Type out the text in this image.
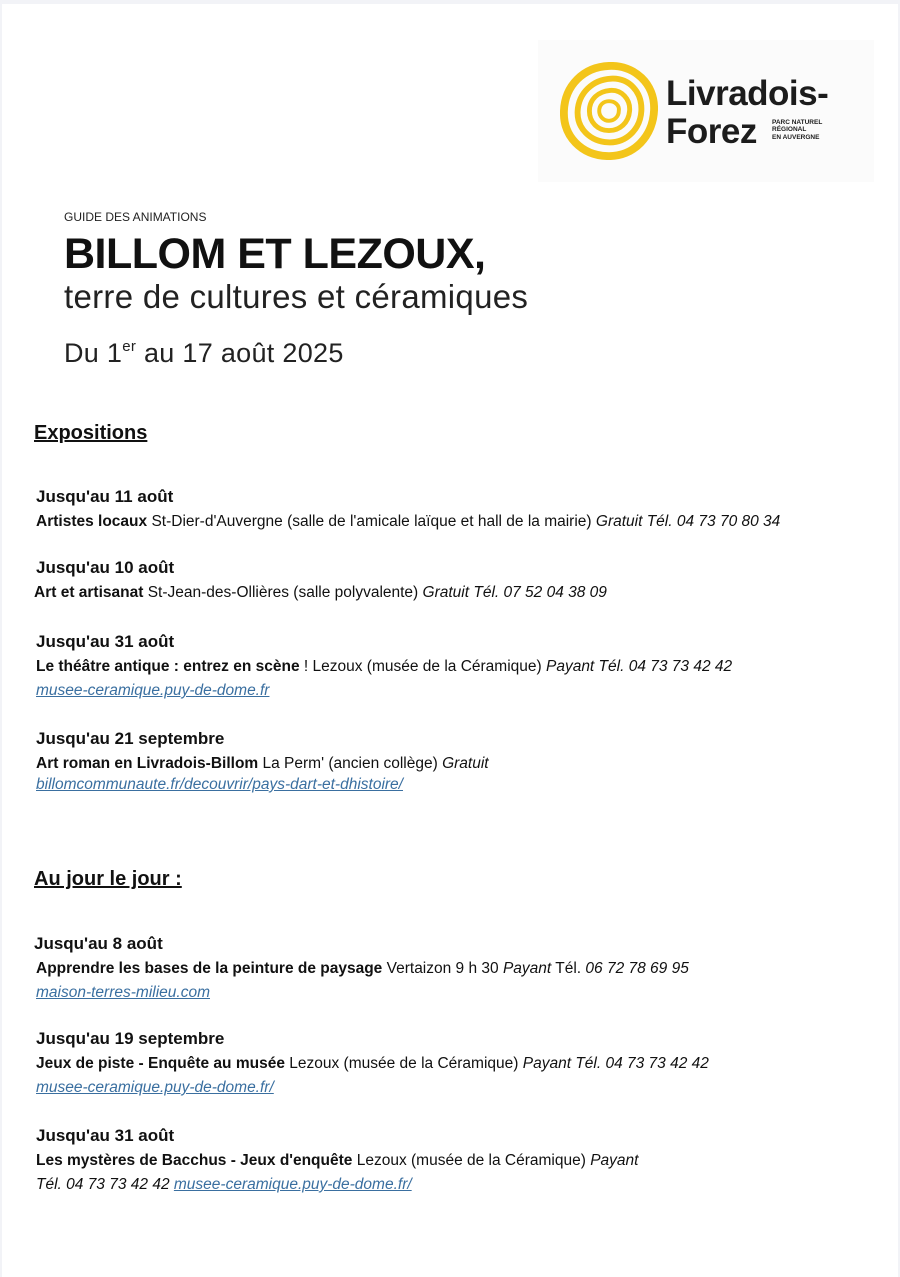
Livradois-
Forez PARC NATUREL
RÉGIONAL
EN AUVERGNE
GUIDE DES ANIMATIONS
BILLOM ET LEZOUX,
terre de cultures et céramiques
Du 1er au 17 août 2025
Expositions
Jusqu'au 11 août
Artistes locaux St-Dier-d'Auvergne (salle de l'amicale laïque et hall de la mairie) Gratuit Tél. 04 73 70 80 34
Jusqu'au 10 août
Art et artisanat St-Jean-des-Ollières (salle polyvalente) Gratuit Tél. 07 52 04 38 09
Jusqu'au 31 août
Le théâtre antique : entrez en scène ! Lezoux (musée de la Céramique) Payant Tél. 04 73 73 42 42
musee-ceramique.puy-de-dome.fr
Jusqu'au 21 septembre
Art roman en Livradois-Billom La Perm' (ancien collège) Gratuit
billomcommunaute.fr/decouvrir/pays-dart-et-dhistoire/
Au jour le jour :
Jusqu'au 8 août
Apprendre les bases de la peinture de paysage Vertaizon 9 h 30 Payant Tél. 06 72 78 69 95
maison-terres-milieu.com
Jusqu'au 19 septembre
Jeux de piste - Enquête au musée Lezoux (musée de la Céramique) Payant Tél. 04 73 73 42 42
musee-ceramique.puy-de-dome.fr/
Jusqu'au 31 août
Les mystères de Bacchus - Jeux d'enquête Lezoux (musée de la Céramique) Payant
Tél. 04 73 73 42 42 musee-ceramique.puy-de-dome.fr/
